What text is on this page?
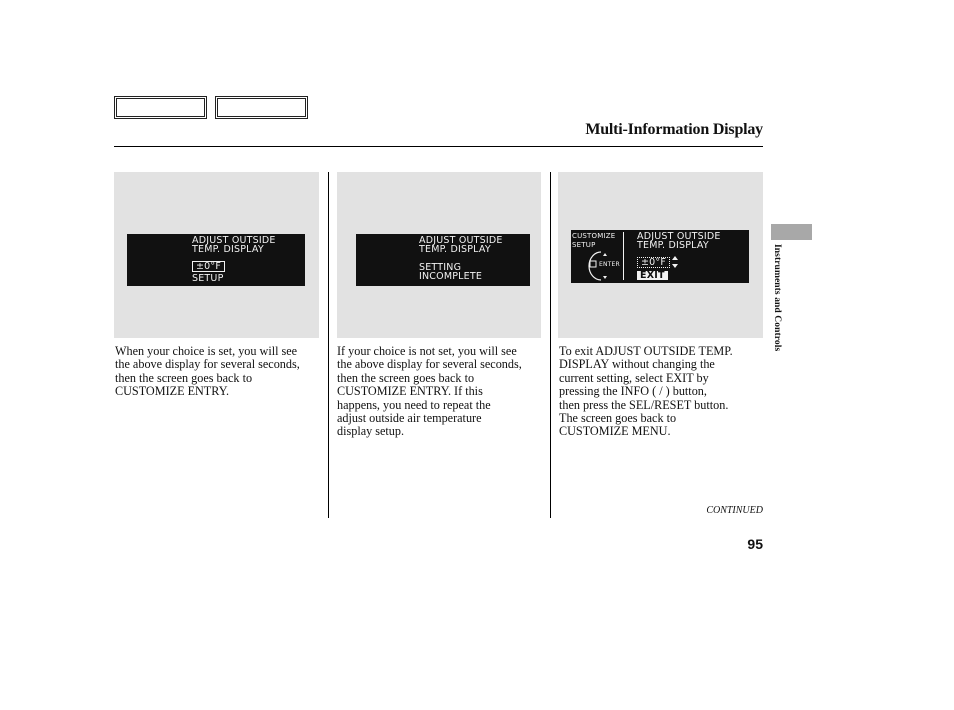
Multi-Information Display
ADJUST OUTSIDE
TEMP. DISPLAY
±0°F
SETUP
ADJUST OUTSIDE
TEMP. DISPLAY
SETTING
INCOMPLETE
CUSTOMIZE
SETUP
ENTER
ADJUST OUTSIDE
TEMP. DISPLAY
±0°F
EXIT
When your choice is set, you will see
the above display for several seconds,
then the screen goes back to
CUSTOMIZE ENTRY.
If your choice is not set, you will see
the above display for several seconds,
then the screen goes back to
CUSTOMIZE ENTRY. If this
happens, you need to repeat the
adjust outside air temperature
display setup.
To exit ADJUST OUTSIDE TEMP.
DISPLAY without changing the
current setting, select EXIT by
pressing the INFO ( / ) button,
then press the SEL/RESET button.
The screen goes back to
CUSTOMIZE MENU.
Instruments and Controls
CONTINUED
95
